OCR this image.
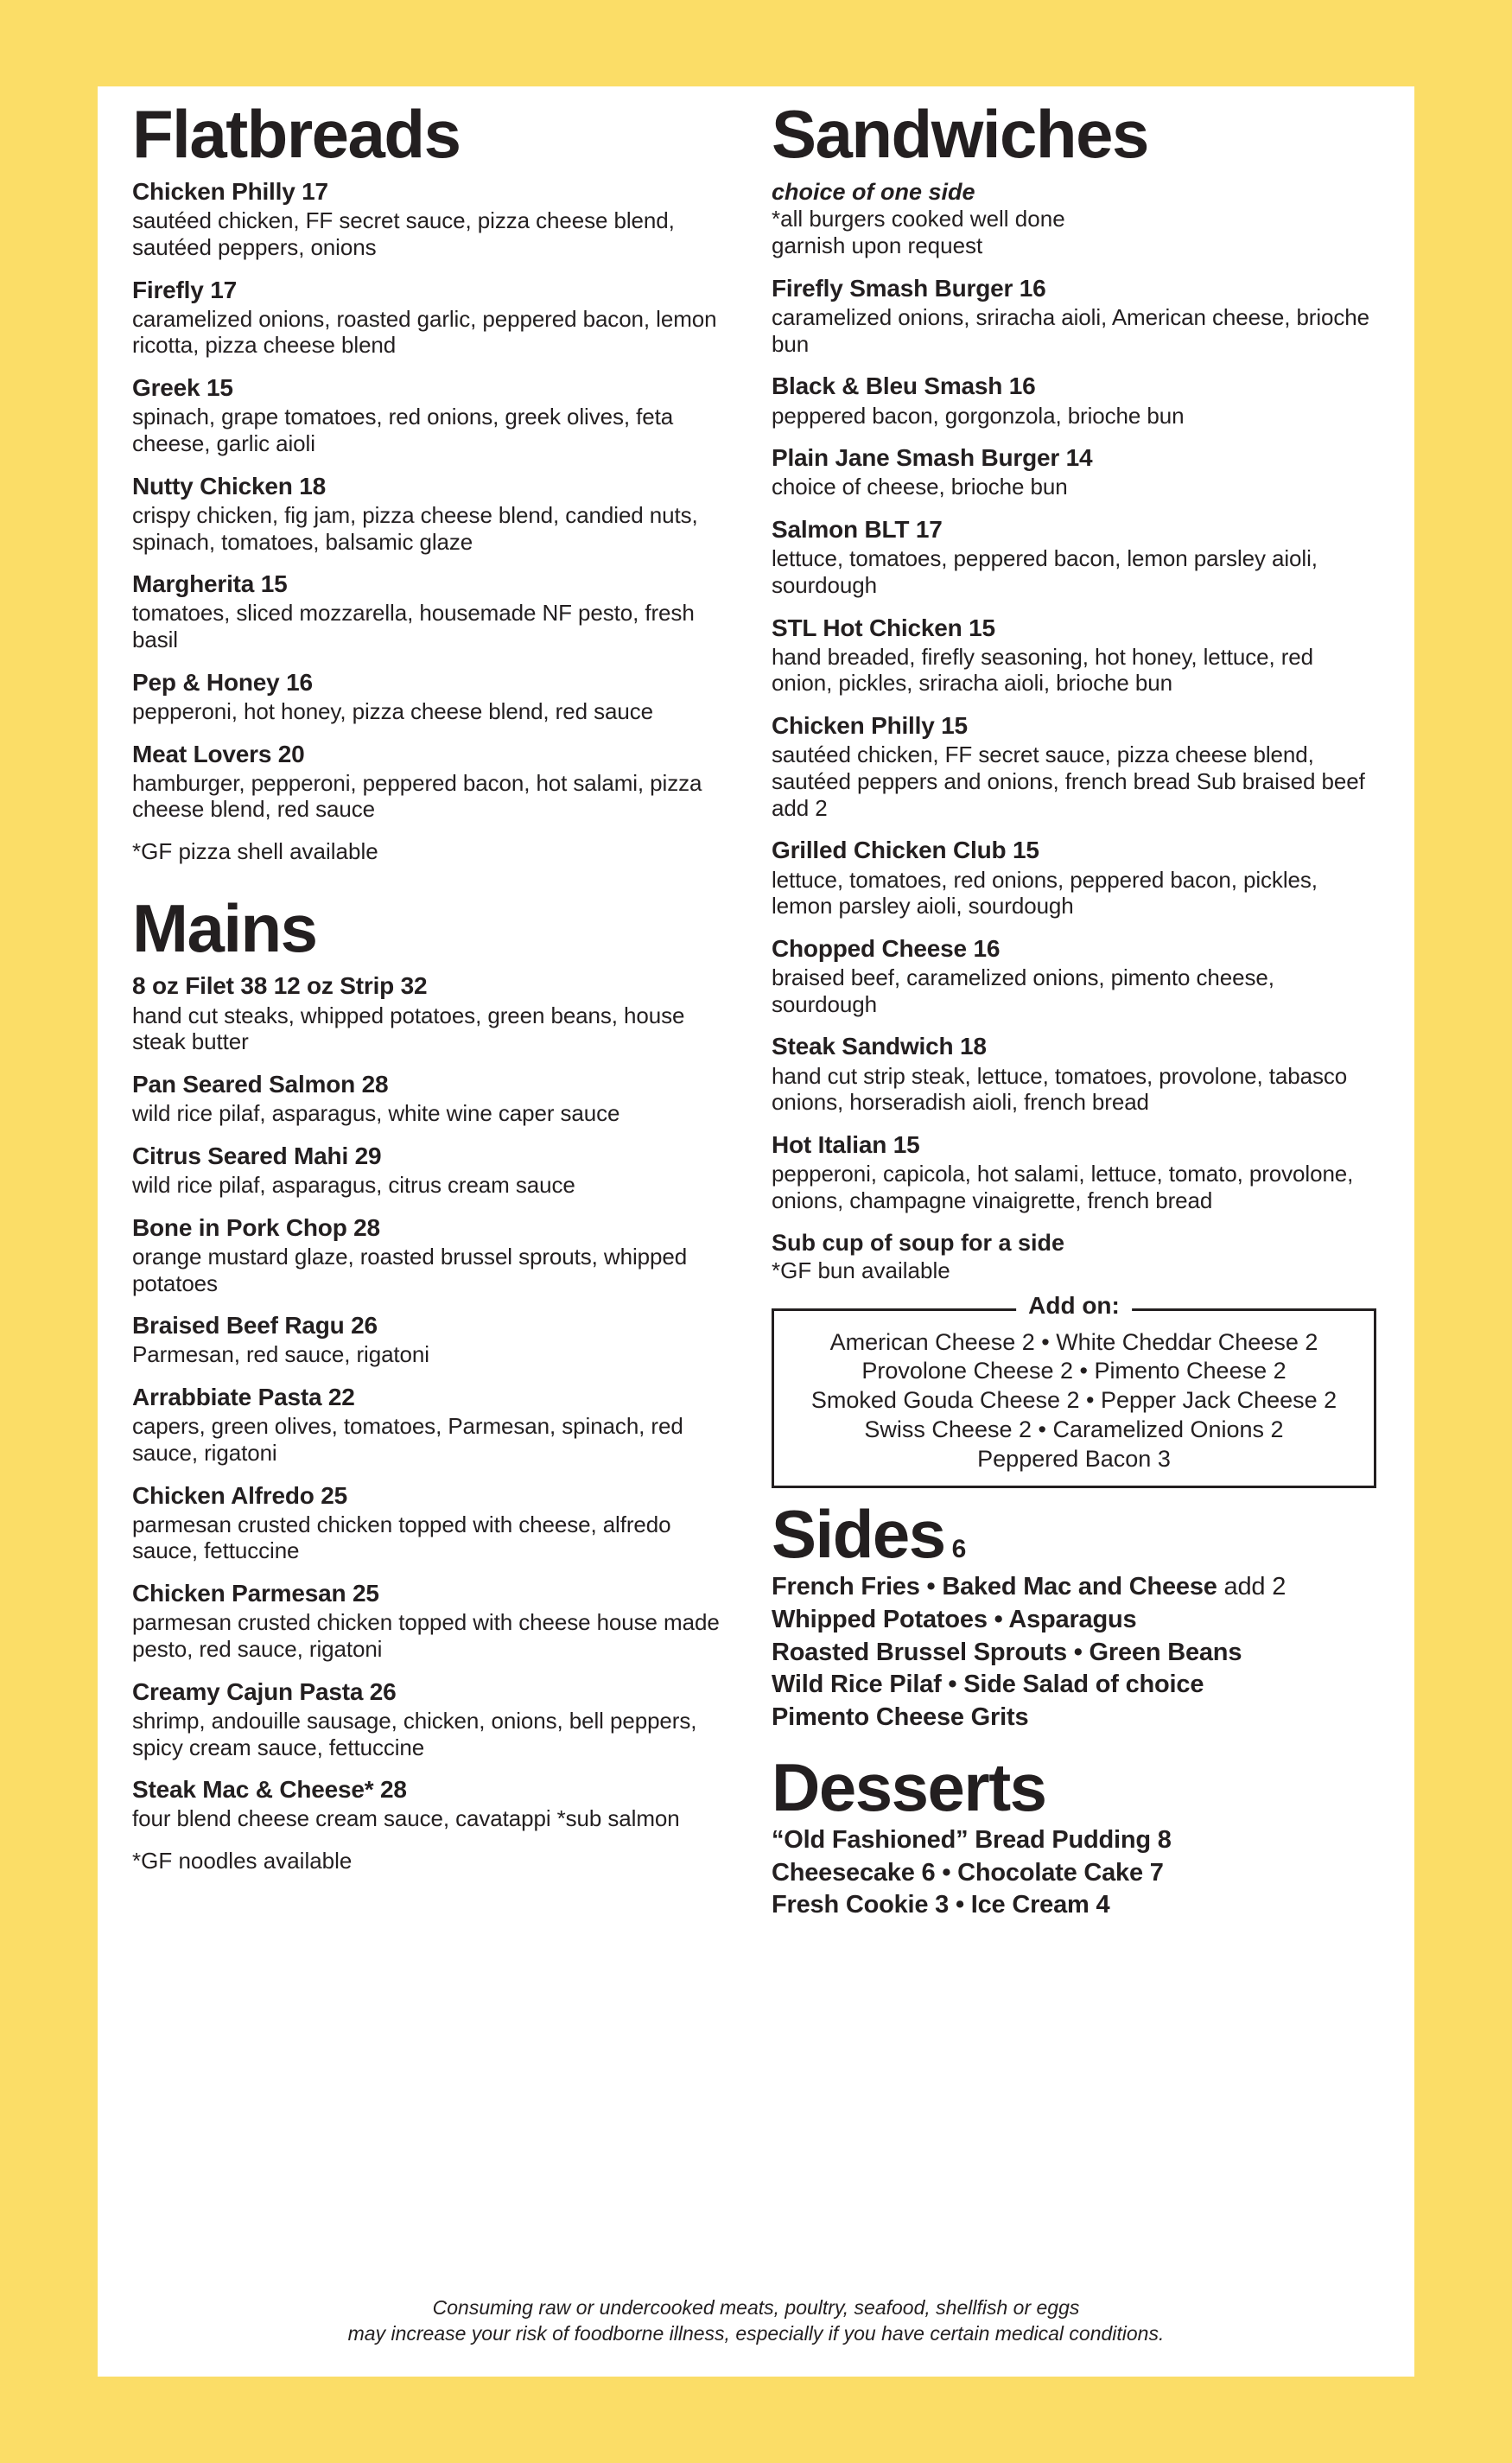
Flatbreads

Chicken Philly 17

sautéed chicken, FF secret sauce, pizza cheese blend, sautéed peppers, onions

Firefly 17

caramelized onions, roasted garlic, peppered bacon, lemon ricotta, pizza cheese blend

Greek 15

spinach, grape tomatoes, red onions, greek olives, feta cheese, garlic aioli

Nutty Chicken 18

crispy chicken, fig jam, pizza cheese blend, candied nuts, spinach, tomatoes, balsamic glaze

Margherita 15

tomatoes, sliced mozzarella, housemade NF pesto, fresh basil

Pep & Honey 16

pepperoni, hot honey, pizza cheese blend, red sauce

Meat Lovers 20

hamburger, pepperoni, peppered bacon, hot salami, pizza cheese blend, red sauce

*GF pizza shell available

Mains

8 oz Filet 38 12 oz Strip 32

hand cut steaks, whipped potatoes, green beans, house steak butter

Pan Seared Salmon 28

wild rice pilaf, asparagus, white wine caper sauce

Citrus Seared Mahi 29

wild rice pilaf, asparagus, citrus cream sauce

Bone in Pork Chop 28

orange mustard glaze, roasted brussel sprouts, whipped potatoes

Braised Beef Ragu 26

Parmesan, red sauce, rigatoni

Arrabbiate Pasta 22

capers, green olives, tomatoes, Parmesan, spinach, red sauce, rigatoni

Chicken Alfredo 25

parmesan crusted chicken topped with cheese, alfredo sauce, fettuccine

Chicken Parmesan 25

parmesan crusted chicken topped with cheese house made pesto, red sauce, rigatoni

Creamy Cajun Pasta 26

shrimp, andouille sausage, chicken, onions, bell peppers, spicy cream sauce, fettuccine

Steak Mac & Cheese* 28

four blend cheese cream sauce, cavatappi *sub salmon

*GF noodles available

Sandwiches

choice of one side

*all burgers cooked well done

garnish upon request

Firefly Smash Burger 16

caramelized onions, sriracha aioli, American cheese, brioche bun

Black & Bleu Smash 16

peppered bacon, gorgonzola, brioche bun

Plain Jane Smash Burger 14

choice of cheese, brioche bun

Salmon BLT 17

lettuce, tomatoes, peppered bacon, lemon parsley aioli, sourdough

STL Hot Chicken 15

hand breaded, firefly seasoning, hot honey, lettuce, red onion, pickles, sriracha aioli, brioche bun

Chicken Philly 15

sautéed chicken, FF secret sauce, pizza cheese blend, sautéed peppers and onions, french bread Sub braised beef add 2

Grilled Chicken Club 15

lettuce, tomatoes, red onions, peppered bacon, pickles, lemon parsley aioli, sourdough

Chopped Cheese 16

braised beef, caramelized onions, pimento cheese, sourdough

Steak Sandwich 18

hand cut strip steak, lettuce, tomatoes, provolone, tabasco onions, horseradish aioli, french bread

Hot Italian 15

pepperoni, capicola, hot salami, lettuce, tomato, provolone, onions, champagne vinaigrette, french bread

Sub cup of soup for a side

*GF bun available

Add on:

American Cheese 2 • White Cheddar Cheese 2

Provolone Cheese 2 • Pimento Cheese 2

Smoked Gouda Cheese 2 • Pepper Jack Cheese 2

Swiss Cheese 2 • Caramelized Onions 2

Peppered Bacon 3

Sides 6

French Fries • Baked Mac and Cheese add 2

Whipped Potatoes • Asparagus

Roasted Brussel Sprouts • Green Beans

Wild Rice Pilaf • Side Salad of choice

Pimento Cheese Grits

Desserts

“Old Fashioned” Bread Pudding 8

Cheesecake 6 • Chocolate Cake 7

Fresh Cookie 3 • Ice Cream 4

Consuming raw or undercooked meats, poultry, seafood, shellfish or eggs

may increase your risk of foodborne illness, especially if you have certain medical conditions.
